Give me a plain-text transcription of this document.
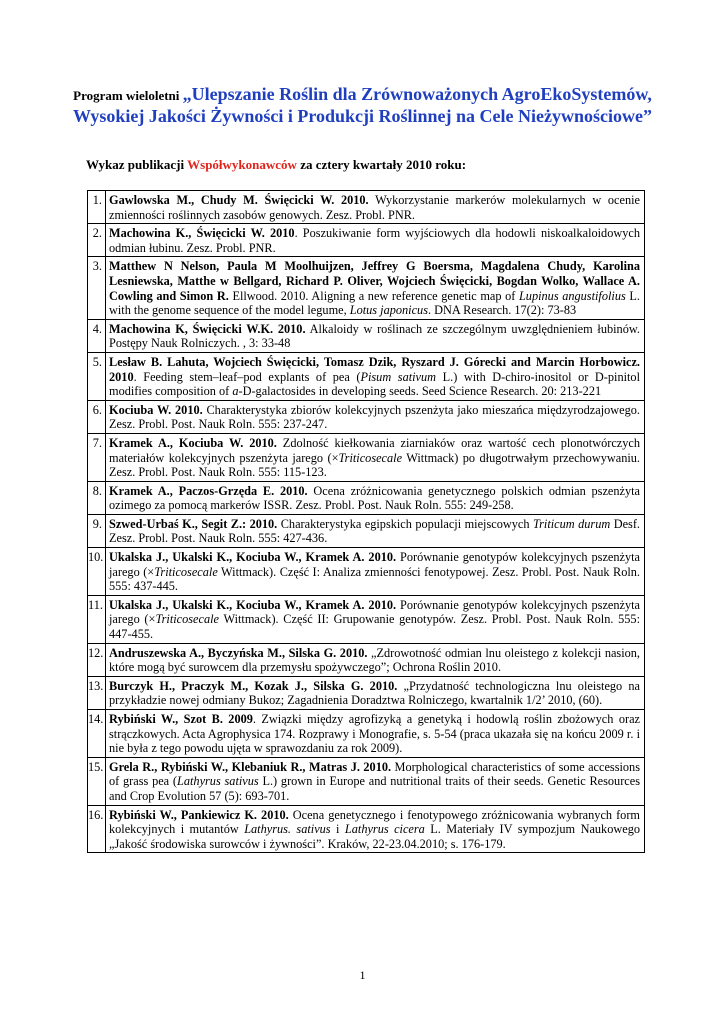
Program wieloletni „Ulepszanie Roślin dla Zrównoważonych AgroEkoSystemów, Wysokiej Jakości Żywności i Produkcji Roślinnej na Cele Nieżywnościowe”
Wykaz publikacji Współwykonawców za cztery kwartały 2010 roku:
1.	Gawlowska M., Chudy M. Święcicki W. 2010. Wykorzystanie markerów molekularnych w ocenie zmienności roślinnych zasobów genowych. Zesz. Probl. PNR.
2.	Machowina K., Święcicki W. 2010. Poszukiwanie form wyjściowych dla hodowli niskoalkaloidowych odmian łubinu. Zesz. Probl. PNR.
3.	Matthew N Nelson, Paula M Moolhuijzen, Jeffrey G Boersma, Magdalena Chudy, Karolina Lesniewska, Matthe w Bellgard, Richard P. Oliver, Wojciech Święcicki, Bogdan Wolko, Wallace A. Cowling and Simon R. Ellwood. 2010. Aligning a new reference genetic map of Lupinus angustifolius L. with the genome sequence of the model legume, Lotus japonicus. DNA Research. 17(2): 73-83
4.	Machowina K, Święcicki W.K. 2010. Alkaloidy w roślinach ze szczególnym uwzględnieniem łubinów. Postępy Nauk Rolniczych. , 3: 33-48
5.	Lesław B. Lahuta, Wojciech Święcicki, Tomasz Dzik, Ryszard J. Górecki and Marcin Horbowicz. 2010. Feeding stem–leaf–pod explants of pea (Pisum sativum L.) with D-chiro-inositol or D-pinitol modifies composition of a-D-galactosides in developing seeds. Seed Science Research. 20: 213-221
6.	Kociuba W. 2010. Charakterystyka zbiorów kolekcyjnych pszenżyta jako mieszańca międzyrodzajowego. Zesz. Probl. Post. Nauk Roln. 555: 237-247.
7.	Kramek A., Kociuba W. 2010. Zdolność kiełkowania ziarniaków oraz wartość cech plonotwórczych materiałów kolekcyjnych pszenżyta jarego (×Triticosecale Wittmack) po długotrwałym przechowywaniu. Zesz. Probl. Post. Nauk Roln. 555: 115-123.
8.	Kramek A., Paczos-Grzęda E. 2010. Ocena zróżnicowania genetycznego polskich odmian pszenżyta ozimego za pomocą markerów ISSR. Zesz. Probl. Post. Nauk Roln. 555: 249-258.
9.	Szwed-Urbaś K., Segit Z.: 2010. Charakterystyka egipskich populacji miejscowych Triticum durum Desf. Zesz. Probl. Post. Nauk Roln. 555: 427-436.
10.	Ukalska J., Ukalski K., Kociuba W., Kramek A. 2010. Porównanie genotypów kolekcyjnych pszenżyta jarego (×Triticosecale Wittmack). Część I: Analiza zmienności fenotypowej. Zesz. Probl. Post. Nauk Roln. 555: 437-445.
11.	Ukalska J., Ukalski K., Kociuba W., Kramek A. 2010. Porównanie genotypów kolekcyjnych pszenżyta jarego (×Triticosecale Wittmack). Część II: Grupowanie genotypów. Zesz. Probl. Post. Nauk Roln. 555: 447-455.
12.	Andruszewska A., Byczyńska M., Silska G. 2010. „Zdrowotność odmian lnu oleistego z kolekcji nasion, które mogą być surowcem dla przemysłu spożywczego”; Ochrona Roślin 2010.
13.	Burczyk H., Praczyk M., Kozak J., Silska G. 2010. „Przydatność technologiczna lnu oleistego na przykładzie nowej odmiany Bukoz; Zagadnienia Doradztwa Rolniczego, kwartalnik 1/2’ 2010, (60).
14.	Rybiński W., Szot B. 2009. Związki między agrofizyką a genetyką i hodowlą roślin zbożowych oraz strączkowych. Acta Agrophysica 174. Rozprawy i Monografie, s. 5-54 (praca ukazała się na końcu 2009 r. i nie była z tego powodu ujęta w sprawozdaniu za rok 2009).
15.	Grela R., Rybiński W., Klebaniuk R., Matras J. 2010. Morphological characteristics of some accessions of grass pea (Lathyrus sativus L.) grown in Europe and nutritional traits of their seeds. Genetic Resources and Crop Evolution 57 (5): 693-701.
16.	Rybiński W., Pankiewicz K. 2010. Ocena genetycznego i fenotypowego zróżnicowania wybranych form kolekcyjnych i mutantów Lathyrus. sativus i Lathyrus cicera L. Materiały IV sympozjum Naukowego „Jakość środowiska surowców i żywności”. Kraków, 22-23.04.2010; s. 176-179.
1
